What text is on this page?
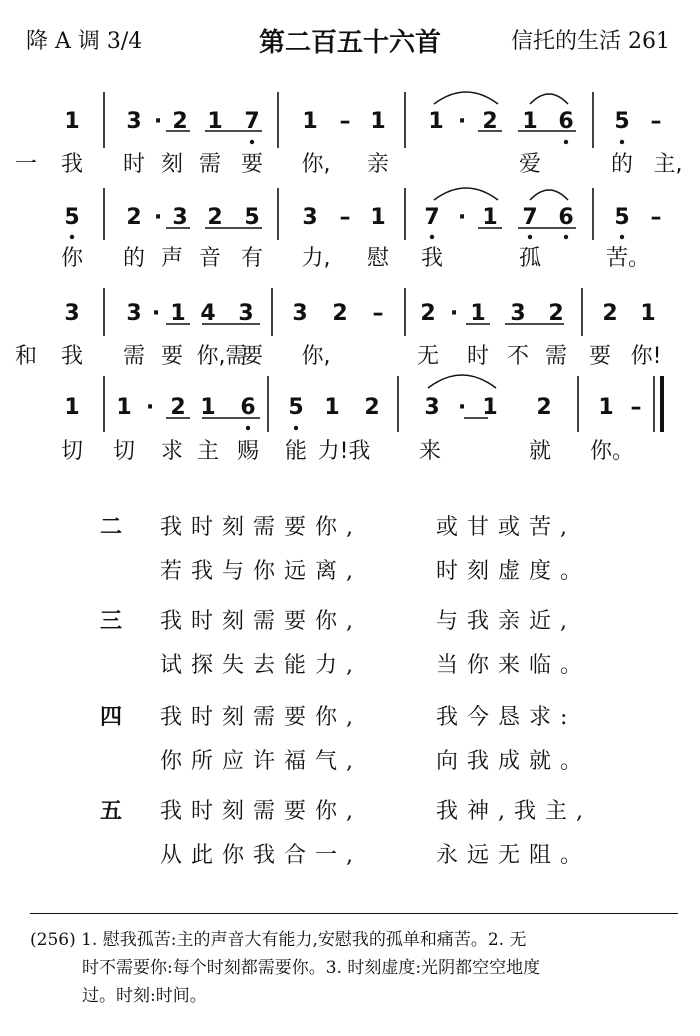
降 A 调 3/4	第二百五十六首	信托的生活 261
1 3 · 2 1 7 1 – 1 1 · 2 1 6 5 –
一 我 时 刻 需 要 你, 亲	爱	的 主,
5 2 · 3 2 5 3 – 1 7 · 1 7 6 5 –
你 的 声 音 有 力, 慰 我	孤	苦。
3 3 · 1 4 3 3 2 – 2 · 1 3 2 2 1
和 我 需 要 你,需
要 你,	无 时 不 需 要 你!
1 1 · 2 1 6 5 1 2 3 · 1 2 1 –
切 切 求 主 赐 能 力!我 来	就 你。
二 我时刻需要你,	或甘或苦,
若我与你远离,	时刻虚度。
三 我时刻需要你,	与我亲近,
试探失去能力,	当你来临。
四 我时刻需要你,	我今恳求:
你所应许福气,	向我成就。
五 我时刻需要你,	我神,我主,
从此你我合一,	永远无阻。
(256) 1. 慰我孤苦:主的声音大有能力,安慰我的孤单和痛苦。2. 无
时不需要你:每个时刻都需要你。3. 时刻虚度:光阴都空空地度
过。时刻:时间。
